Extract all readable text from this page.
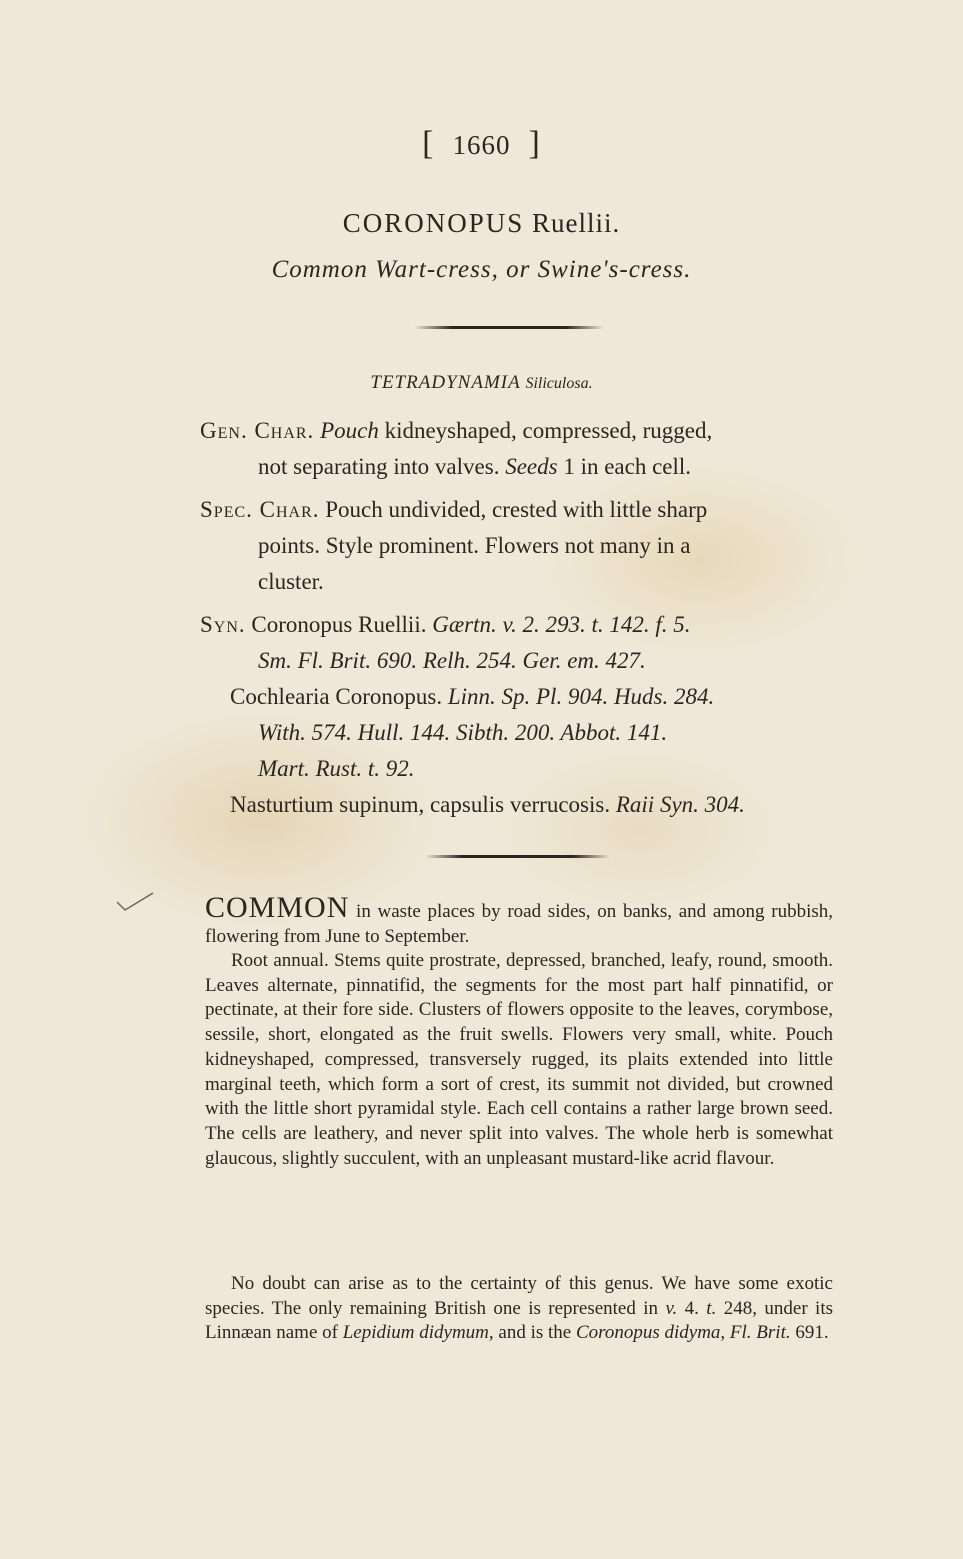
[ 1660 ]
CORONOPUS Ruellii.
Common Wart-cress, or Swine's-cress.
TETRADYNAMIA Siliculosa.
Gen. Char. Pouch kidneyshaped, compressed, rugged,
not separating into valves. Seeds 1 in each cell.
Spec. Char. Pouch undivided, crested with little sharp
points. Style prominent. Flowers not many in a
cluster.
Syn. Coronopus Ruellii. Gærtn. v. 2. 293. t. 142. f. 5.
Sm. Fl. Brit. 690. Relh. 254. Ger. em. 427.
Cochlearia Coronopus. Linn. Sp. Pl. 904. Huds. 284.
With. 574. Hull. 144. Sibth. 200. Abbot. 141.
Mart. Rust. t. 92.
Nasturtium supinum, capsulis verrucosis. Raii Syn. 304.
COMMON in waste places by road sides, on banks, and among rubbish, flowering from June to September.
Root annual. Stems quite prostrate, depressed, branched, leafy, round, smooth. Leaves alternate, pinnatifid, the segments for the most part half pinnatifid, or pectinate, at their fore side. Clusters of flowers opposite to the leaves, corymbose, sessile, short, elongated as the fruit swells. Flowers very small, white. Pouch kidneyshaped, compressed, transversely rugged, its plaits extended into little marginal teeth, which form a sort of crest, its summit not divided, but crowned with the little short pyramidal style. Each cell contains a rather large brown seed. The cells are leathery, and never split into valves. The whole herb is somewhat glaucous, slightly succulent, with an unpleasant mustard-like acrid flavour.
No doubt can arise as to the certainty of this genus. We have some exotic species. The only remaining British one is represented in v. 4. t. 248, under its Linnæan name of Lepidium didymum, and is the Coronopus didyma, Fl. Brit. 691.
